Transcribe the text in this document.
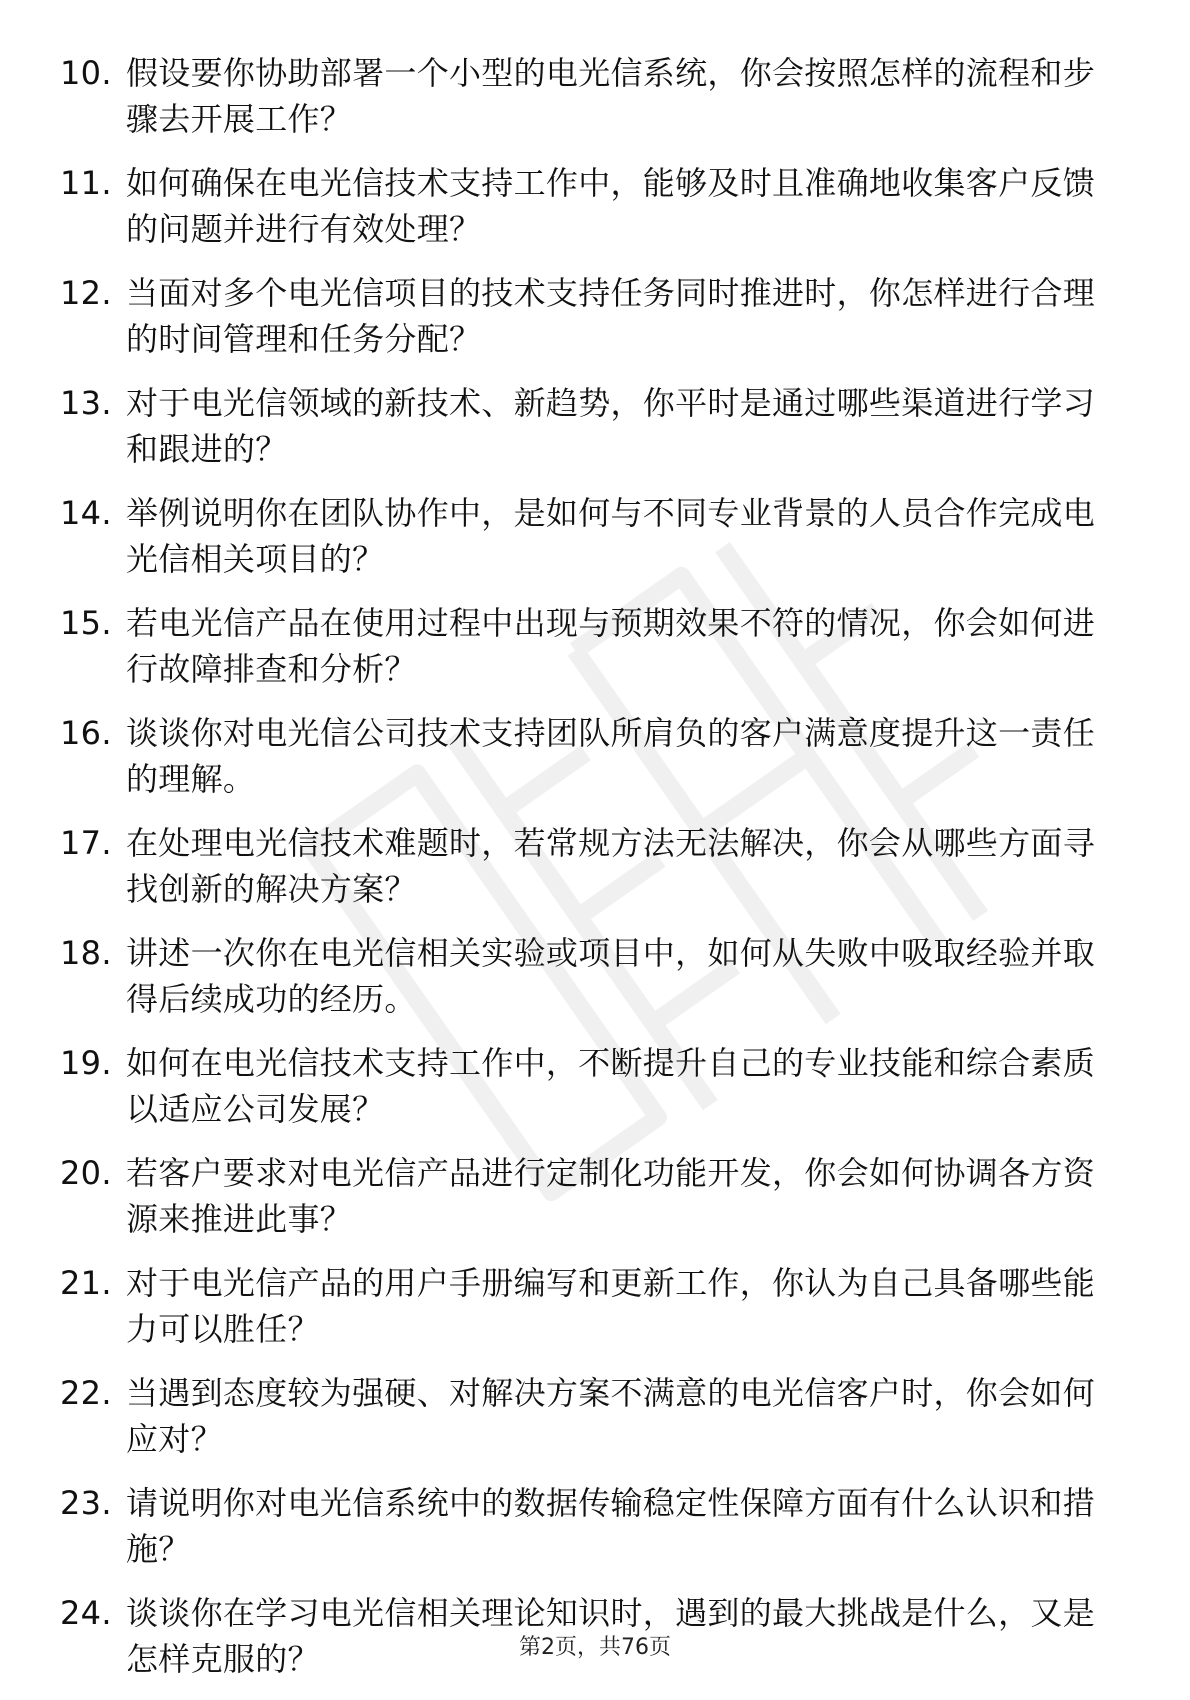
10. 假设要你协助部署一个小型的电光信系统，你会按照怎样的流程和步骤去开展工作？
11. 如何确保在电光信技术支持工作中，能够及时且准确地收集客户反馈的问题并进行有效处理？
12. 当面对多个电光信项目的技术支持任务同时推进时，你怎样进行合理的时间管理和任务分配？
13. 对于电光信领域的新技术、新趋势，你平时是通过哪些渠道进行学习和跟进的？
14. 举例说明你在团队协作中，是如何与不同专业背景的人员合作完成电光信相关项目的？
15. 若电光信产品在使用过程中出现与预期效果不符的情况，你会如何进行故障排查和分析？
16. 谈谈你对电光信公司技术支持团队所肩负的客户满意度提升这一责任的理解。
17. 在处理电光信技术难题时，若常规方法无法解决，你会从哪些方面寻找创新的解决方案？
18. 讲述一次你在电光信相关实验或项目中，如何从失败中吸取经验并取得后续成功的经历。
19. 如何在电光信技术支持工作中，不断提升自己的专业技能和综合素质以适应公司发展？
20. 若客户要求对电光信产品进行定制化功能开发，你会如何协调各方资源来推进此事？
21. 对于电光信产品的用户手册编写和更新工作，你认为自己具备哪些能力可以胜任？
22. 当遇到态度较为强硬、对解决方案不满意的电光信客户时，你会如何应对？
23. 请说明你对电光信系统中的数据传输稳定性保障方面有什么认识和措施？
24. 谈谈你在学习电光信相关理论知识时，遇到的最大挑战是什么，又是怎样克服的？	第2页，共76页
